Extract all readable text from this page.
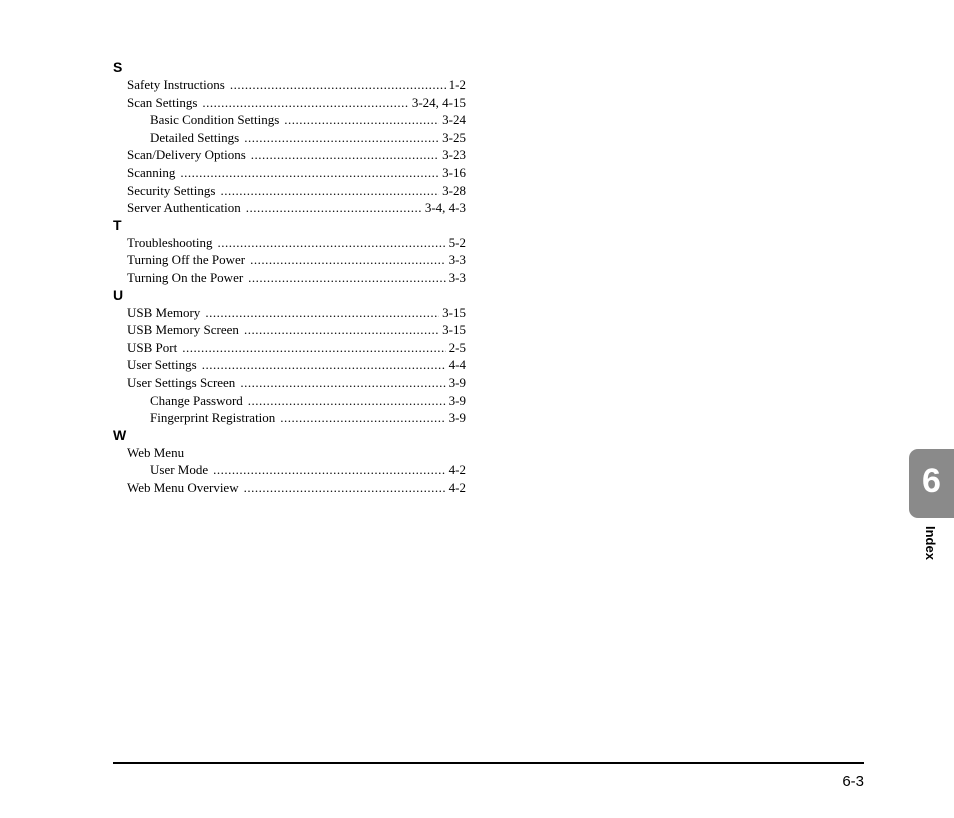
S
Safety Instructions .....	1-2
Scan Settings .....	3-24, 4-15
Basic Condition Settings .....	3-24
Detailed Settings .....	3-25
Scan/Delivery Options .....	3-23
Scanning .....	3-16
Security Settings .....	3-28
Server Authentication .....	3-4, 4-3
T
Troubleshooting .....	5-2
Turning Off the Power .....	3-3
Turning On the Power .....	3-3
U
USB Memory .....	3-15
USB Memory Screen .....	3-15
USB Port .....	2-5
User Settings .....	4-4
User Settings Screen .....	3-9
Change Password .....	3-9
Fingerprint Registration .....	3-9
W
Web Menu
User Mode .....	4-2
Web Menu Overview .....	4-2	6
Index
6-3
